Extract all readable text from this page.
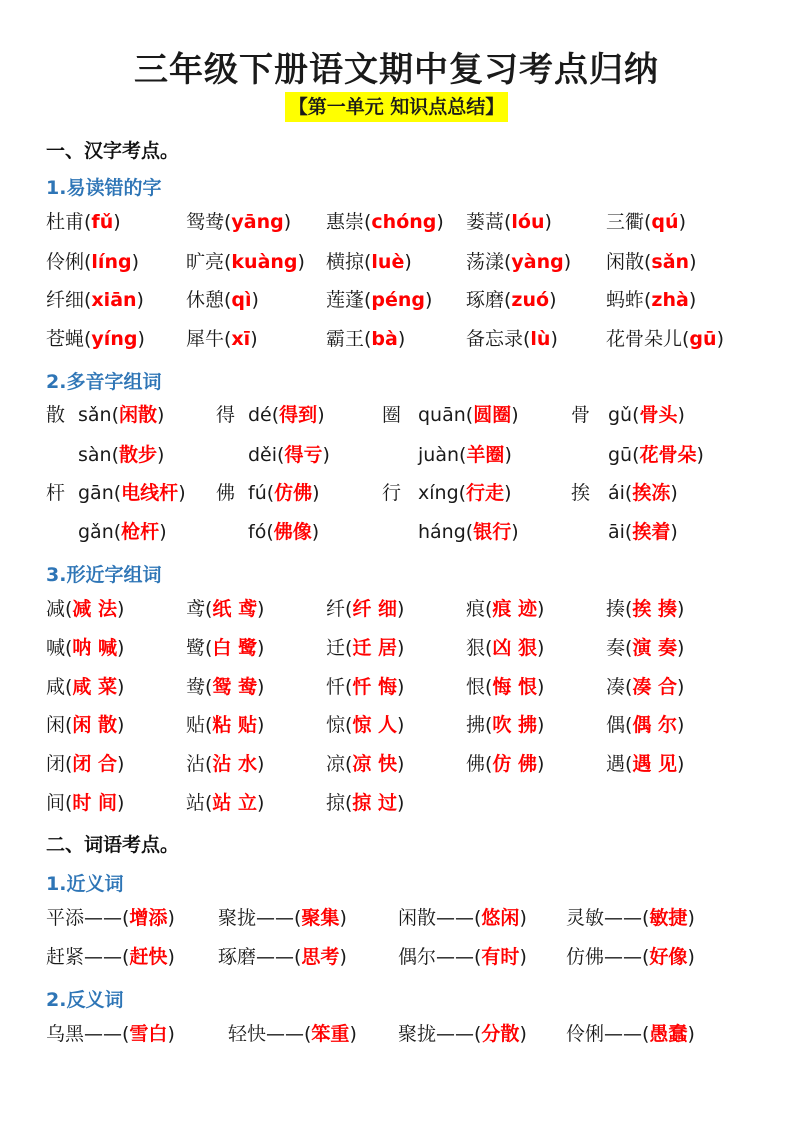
三年级下册语文期中复习考点归纳
【第一单元 知识点总结】
一、汉字考点。
1.易读错的字
杜甫(fǔ)	鸳鸯(yāng) 惠崇(chóng) 蒌蒿(lóu)	三衢(qú)
伶俐(líng) 旷亮(kuàng) 横掠(luè)	荡漾(yàng) 闲散(sǎn)
纤细(xiān) 休憩(qì)	莲蓬(péng) 琢磨(zuó)	蚂蚱(zhà)
苍蝇(yíng) 犀牛(xī)	霸王(bà)	备忘录(lù)	花骨朵儿(gū)
2.多音字组词
散 sǎn(闲散)	得 dé(得到)	圈 quān(圆圈)	骨 gǔ(骨头)
sàn(散步)	děi(得亏)	juàn(羊圈)	gū(花骨朵)
杆 gān(电线杆) 佛 fú(仿佛)	行 xíng(行走)	挨 ái(挨冻)
gǎn(枪杆)	fó(佛像)	háng(银行)	āi(挨着)
3.形近字组词
减(减 法)	鸢(纸 鸢)	纤(纤 细)	痕(痕 迹)	揍(挨 揍)
喊(呐 喊)	鹭(白 鹭)	迁(迁 居)	狠(凶 狠)	奏(演 奏)
咸(咸 菜)	鸯(鸳 鸯)	忏(忏 悔)	恨(悔 恨)	凑(凑 合)
闲(闲 散)	贴(粘 贴)	惊(惊 人)	拂(吹 拂)	偶(偶 尔)
闭(闭 合)	沾(沾 水)	凉(凉 快)	佛(仿 佛)	遇(遇 见)
间(时 间)	站(站 立)	掠(掠 过)
二、词语考点。
1.近义词
平添——(增添) 聚拢——(聚集)	闲散——(悠闲) 灵敏——(敏捷)
赶紧——(赶快) 琢磨——(思考)	偶尔——(有时) 仿佛——(好像)
2.反义词
乌黑——(雪白)	轻快——(笨重) 聚拢——(分散) 伶俐——(愚蠢)
